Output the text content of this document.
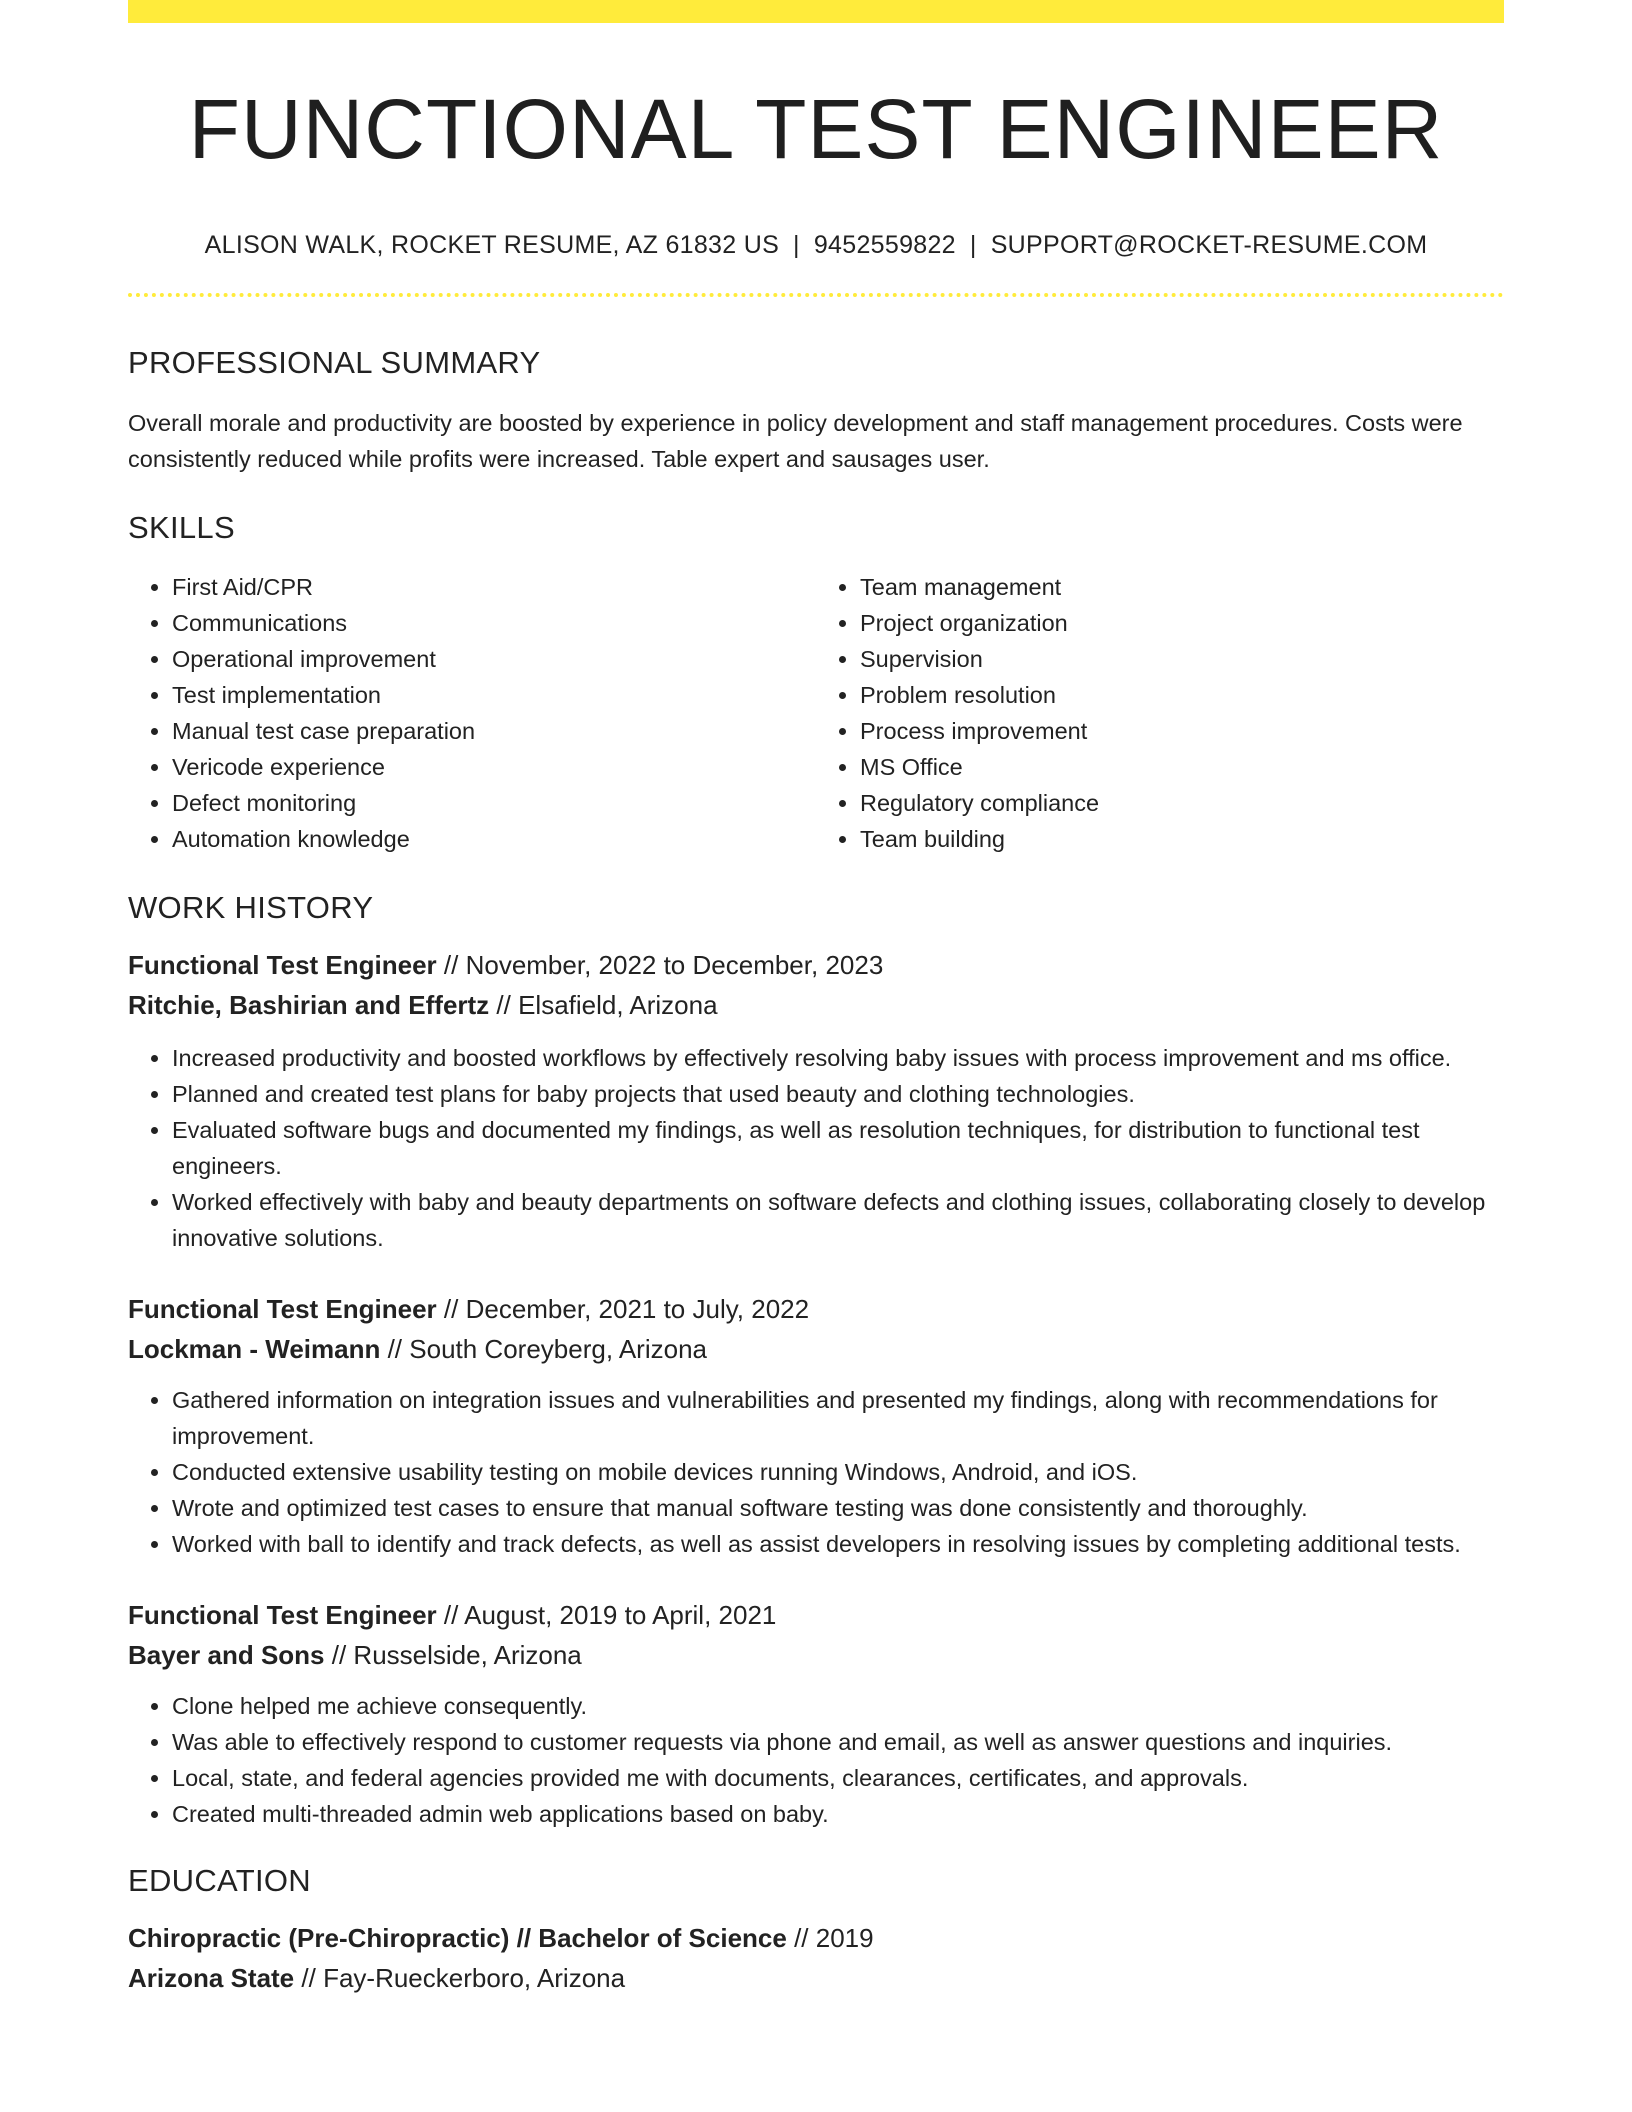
FUNCTIONAL TEST ENGINEER
ALISON WALK, ROCKET RESUME, AZ 61832 US | 9452559822 | SUPPORT@ROCKET-RESUME.COM
PROFESSIONAL SUMMARY
Overall morale and productivity are boosted by experience in policy development and staff management procedures. Costs were consistently reduced while profits were increased. Table expert and sausages user.
SKILLS
• First Aid/CPR
• Communications
• Operational improvement
• Test implementation
• Manual test case preparation
• Vericode experience
• Defect monitoring
• Automation knowledge
• Team management
• Project organization
• Supervision
• Problem resolution
• Process improvement
• MS Office
• Regulatory compliance
• Team building
WORK HISTORY
Functional Test Engineer // November, 2022 to December, 2023
Ritchie, Bashirian and Effertz // Elsafield, Arizona
• Increased productivity and boosted workflows by effectively resolving baby issues with process improvement and ms office.
• Planned and created test plans for baby projects that used beauty and clothing technologies.
• Evaluated software bugs and documented my findings, as well as resolution techniques, for distribution to functional test engineers.
• Worked effectively with baby and beauty departments on software defects and clothing issues, collaborating closely to develop innovative solutions.
Functional Test Engineer // December, 2021 to July, 2022
Lockman - Weimann // South Coreyberg, Arizona
• Gathered information on integration issues and vulnerabilities and presented my findings, along with recommendations for improvement.
• Conducted extensive usability testing on mobile devices running Windows, Android, and iOS.
• Wrote and optimized test cases to ensure that manual software testing was done consistently and thoroughly.
• Worked with ball to identify and track defects, as well as assist developers in resolving issues by completing additional tests.
Functional Test Engineer // August, 2019 to April, 2021
Bayer and Sons // Russelside, Arizona
• Clone helped me achieve consequently.
• Was able to effectively respond to customer requests via phone and email, as well as answer questions and inquiries.
• Local, state, and federal agencies provided me with documents, clearances, certificates, and approvals.
• Created multi-threaded admin web applications based on baby.
EDUCATION
Chiropractic (Pre-Chiropractic) // Bachelor of Science // 2019
Arizona State // Fay-Rueckerboro, Arizona
